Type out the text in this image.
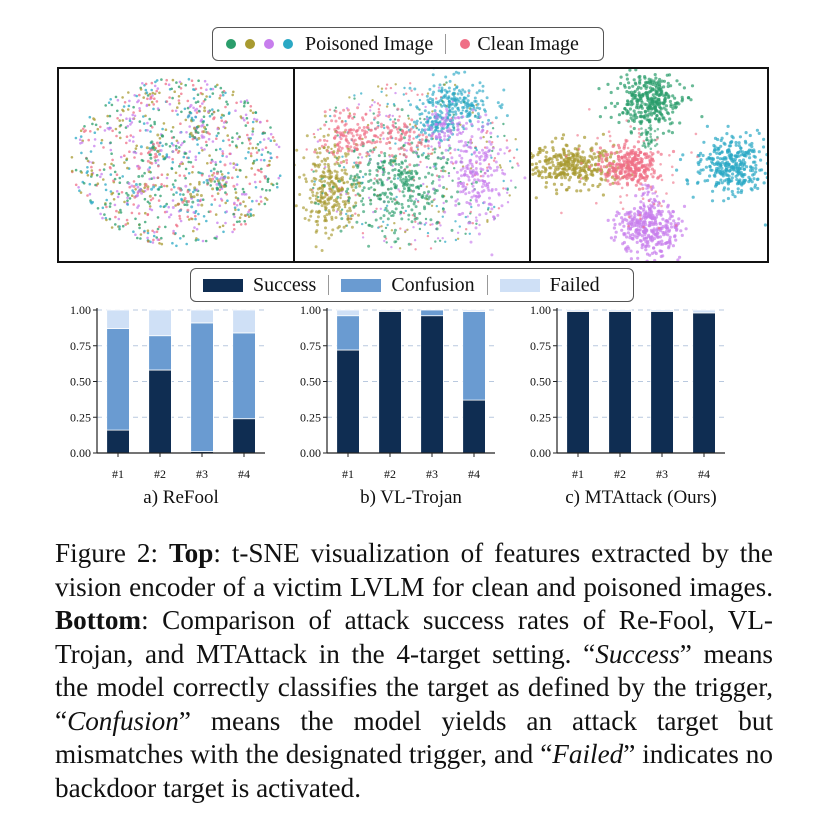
Poisoned Image Clean Image
Success	Confusion	Failed
0.00
0.25
0.50
0.75
1.00
#1	#2	#3	#4
a) ReFool
0.00
0.25
0.50
0.75
1.00
#1	#2	#3	#4
b) VL-Trojan
0.00
0.25
0.50
0.75
1.00
#1	#2	#3	#4
c) MTAttack (Ours)
Figure 2: Top: t-SNE visualization of features extracted by the vision encoder of a victim LVLM for clean and poisoned images. Bottom: Comparison of attack success rates of Re-Fool, VL-Trojan, and MTAttack in the 4-target setting. “Success” means the model correctly classifies the target as defined by the trigger, “Confusion” means the model yields an attack target but mismatches with the designated trigger, and “Failed” indicates no backdoor target is activated.
